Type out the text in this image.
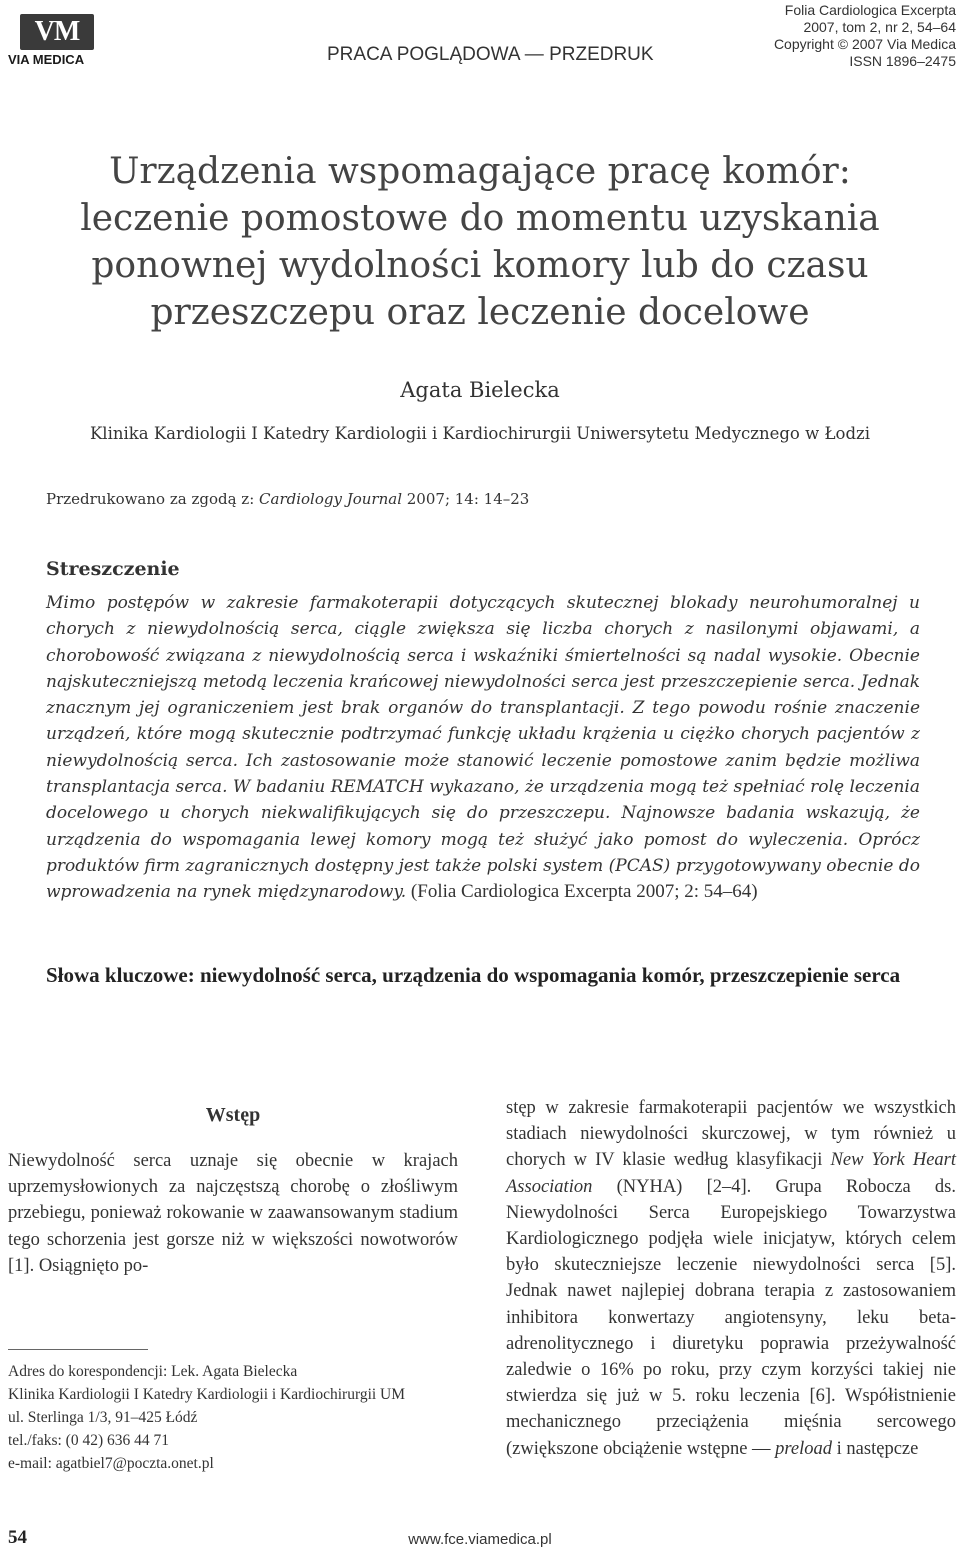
VM
VIA MEDICA	PRACA POGLĄDOWA — PRZEDRUK
Folia Cardiologica Excerpta
2007, tom 2, nr 2, 54–64
Copyright © 2007 Via Medica
ISSN 1896–2475
Urządzenia wspomagające pracę komór: leczenie pomostowe do momentu uzyskania ponownej wydolności komory lub do czasu przeszczepu oraz leczenie docelowe
Agata Bielecka
Klinika Kardiologii I Katedry Kardiologii i Kardiochirurgii Uniwersytetu Medycznego w Łodzi
Przedrukowano za zgodą z: Cardiology Journal 2007; 14: 14–23
Streszczenie
Mimo postępów w zakresie farmakoterapii dotyczących skutecznej blokady neurohumoralnej u chorych z niewydolnością serca, ciągle zwiększa się liczba chorych z nasilonymi objawami, a chorobowość związana z niewydolnością serca i wskaźniki śmiertelności są nadal wysokie. Obecnie najskuteczniejszą metodą leczenia krańcowej niewydolności serca jest przeszczepienie serca. Jednak znacznym jej ograniczeniem jest brak organów do transplantacji. Z tego powodu rośnie znaczenie urządzeń, które mogą skutecznie podtrzymać funkcję układu krążenia u ciężko chorych pacjentów z niewydolnością serca. Ich zastosowanie może stanowić leczenie pomostowe zanim będzie możliwa transplantacja serca. W badaniu REMATCH wykazano, że urządzenia mogą też spełniać rolę leczenia docelowego u chorych niekwalifikujących się do przeszczepu. Najnowsze badania wskazują, że urządzenia do wspomagania lewej komory mogą też służyć jako pomost do wyleczenia. Oprócz produktów firm zagranicznych dostępny jest także polski system (PCAS) przygotowywany obecnie do wprowadzenia na rynek międzynarodowy. (Folia Cardiologica Excerpta 2007; 2: 54–64)
Słowa kluczowe: niewydolność serca, urządzenia do wspomagania komór, przeszczepienie serca
Wstęp
Niewydolność serca uznaje się obecnie w krajach uprzemysłowionych za najczęstszą chorobę o złośliwym przebiegu, ponieważ rokowanie w zaawansowanym stadium tego schorzenia jest gorsze niż w większości nowotworów [1]. Osiągnięto po-
stęp w zakresie farmakoterapii pacjentów we wszystkich stadiach niewydolności skurczowej, w tym również u chorych w IV klasie według klasyfikacji New York Heart Association (NYHA) [2–4]. Grupa Robocza ds. Niewydolności Serca Europejskiego Towarzystwa Kardiologicznego podjęła wiele inicjatyw, których celem było skuteczniejsze leczenie niewydolności serca [5]. Jednak nawet najlepiej dobrana terapia z zastosowaniem inhibitora konwertazy angiotensyny, leku beta-adrenolitycznego i diuretyku poprawia przeżywalność zaledwie o 16% po roku, przy czym korzyści takiej nie stwierdza się już w 5. roku leczenia [6]. Współistnienie mechanicznego przeciążenia mięśnia sercowego (zwiększone obciążenie wstępne — preload i następcze
Adres do korespondencji: Lek. Agata Bielecka
Klinika Kardiologii I Katedry Kardiologii i Kardiochirurgii UM
ul. Sterlinga 1/3, 91–425 Łódź
tel./faks: (0 42) 636 44 71
e-mail: agatbiel7@poczta.onet.pl
54	www.fce.viamedica.pl
